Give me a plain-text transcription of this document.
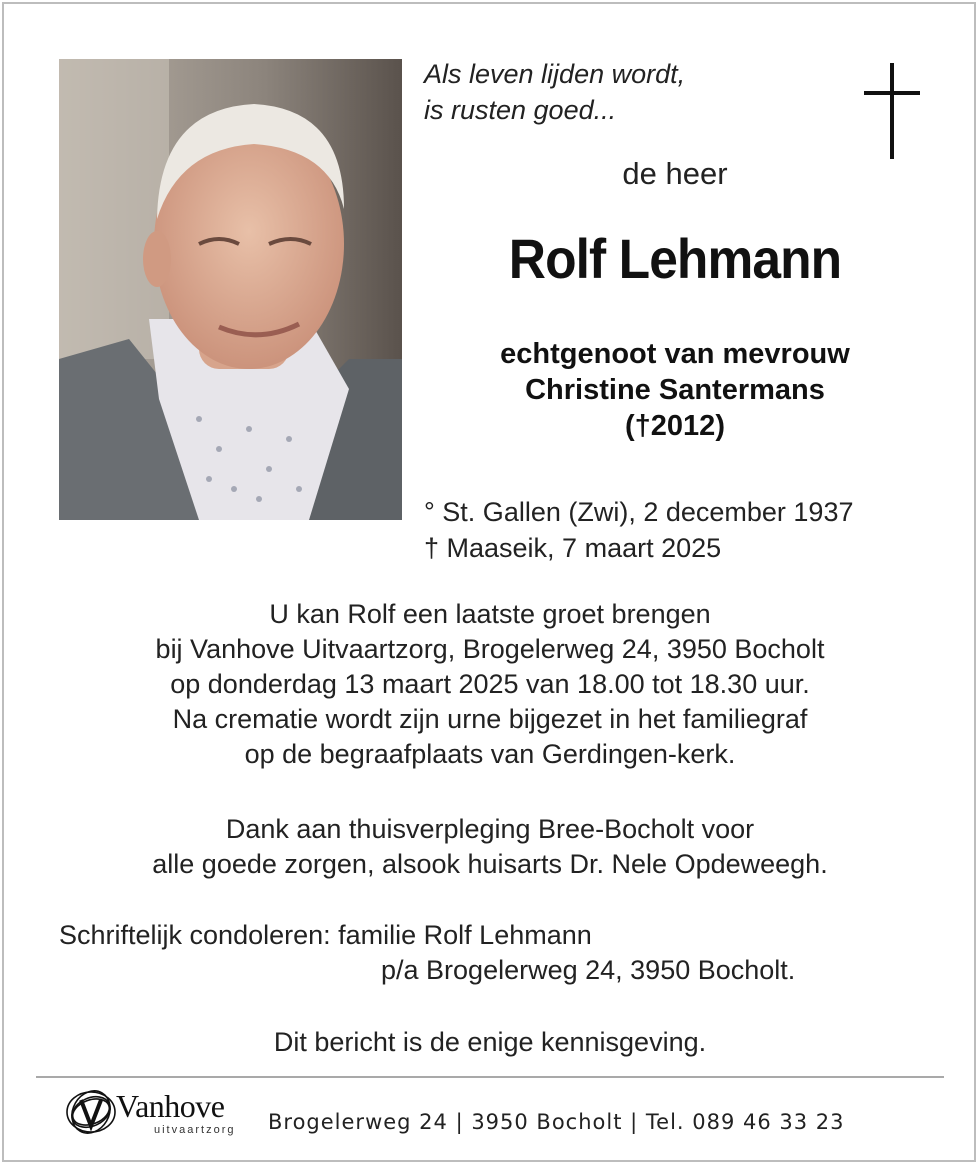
Als leven lijden wordt,
is rusten goed...
de heer
Rolf Lehmann
echtgenoot van mevrouw
Christine Santermans
(†2012)
° St. Gallen (Zwi), 2 december 1937
† Maaseik, 7 maart 2025
U kan Rolf een laatste groet brengen
bij Vanhove Uitvaartzorg, Brogelerweg 24, 3950 Bocholt
op donderdag 13 maart 2025 van 18.00 tot 18.30 uur.
Na crematie wordt zijn urne bijgezet in het familiegraf
op de begraafplaats van Gerdingen-kerk.
Dank aan thuisverpleging Bree-Bocholt voor
alle goede zorgen, alsook huisarts Dr. Nele Opdeweegh.
Schriftelijk condoleren: familie Rolf Lehmann
p/a Brogelerweg 24, 3950 Bocholt.
Dit bericht is de enige kennisgeving.
Vanhove
uitvaartzorg Brogelerweg 24 | 3950 Bocholt | Tel. 089 46 33 23
